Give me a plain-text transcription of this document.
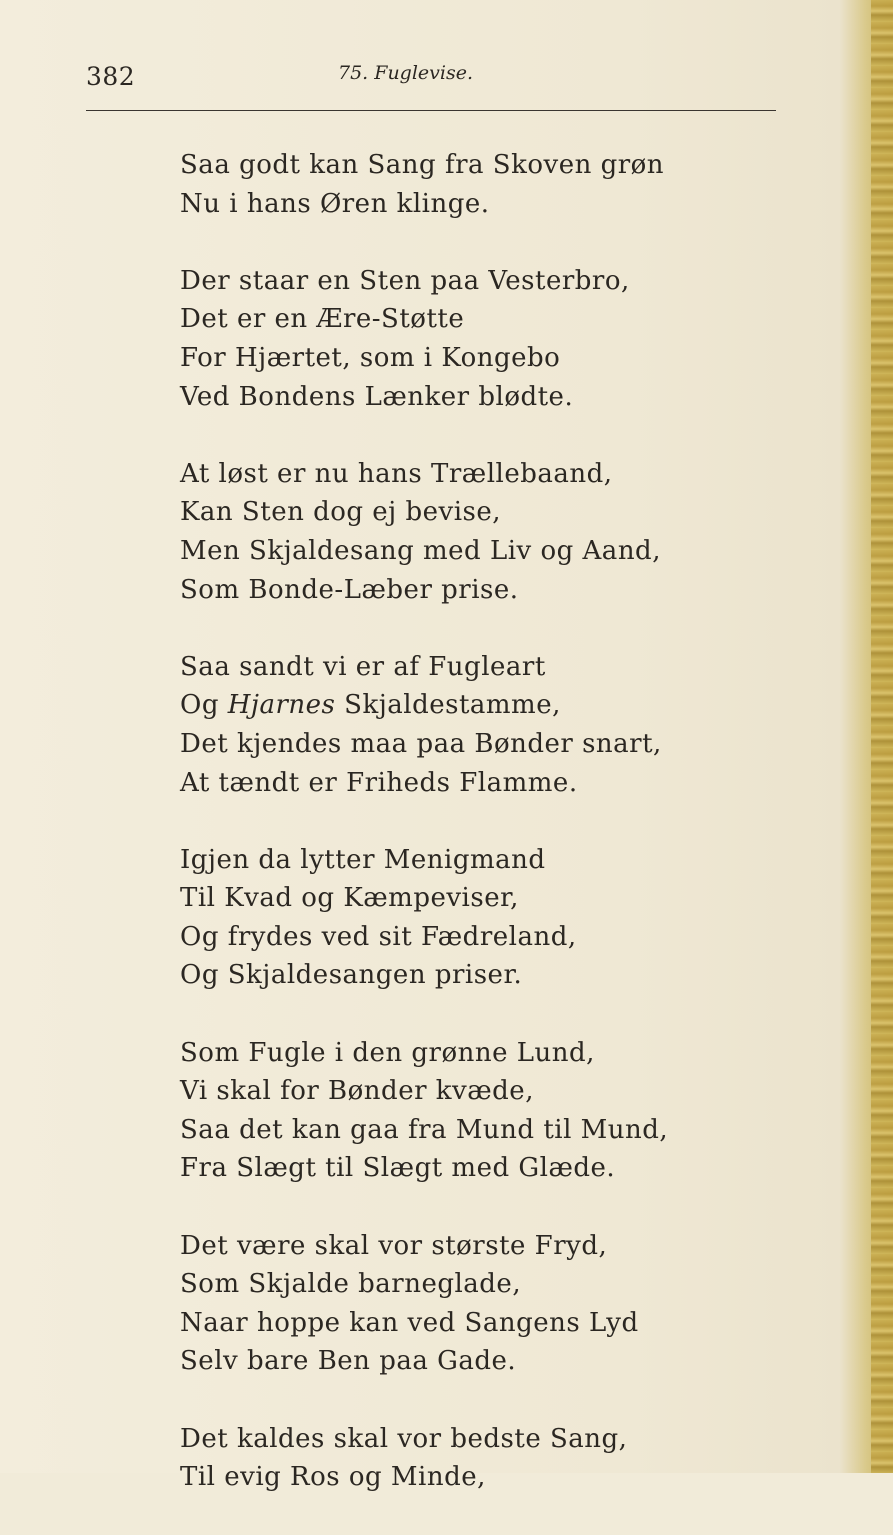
382	75. Fuglevise.
Saa godt kan Sang fra Skoven grøn
Nu i hans Øren klinge.
Der staar en Sten paa Vesterbro,
Det er en Ære-Støtte
For Hjærtet, som i Kongebo
Ved Bondens Lænker blødte.
At løst er nu hans Trællebaand,
Kan Sten dog ej bevise,
Men Skjaldesang med Liv og Aand,
Som Bonde-Læber prise.
Saa sandt vi er af Fugleart
Og Hjarnes Skjaldestamme,
Det kjendes maa paa Bønder snart,
At tændt er Friheds Flamme.
Igjen da lytter Menigmand
Til Kvad og Kæmpeviser,
Og frydes ved sit Fædreland,
Og Skjaldesangen priser.
Som Fugle i den grønne Lund,
Vi skal for Bønder kvæde,
Saa det kan gaa fra Mund til Mund,
Fra Slægt til Slægt med Glæde.
Det være skal vor største Fryd,
Som Skjalde barneglade,
Naar hoppe kan ved Sangens Lyd
Selv bare Ben paa Gade.
Det kaldes skal vor bedste Sang,
Til evig Ros og Minde,
